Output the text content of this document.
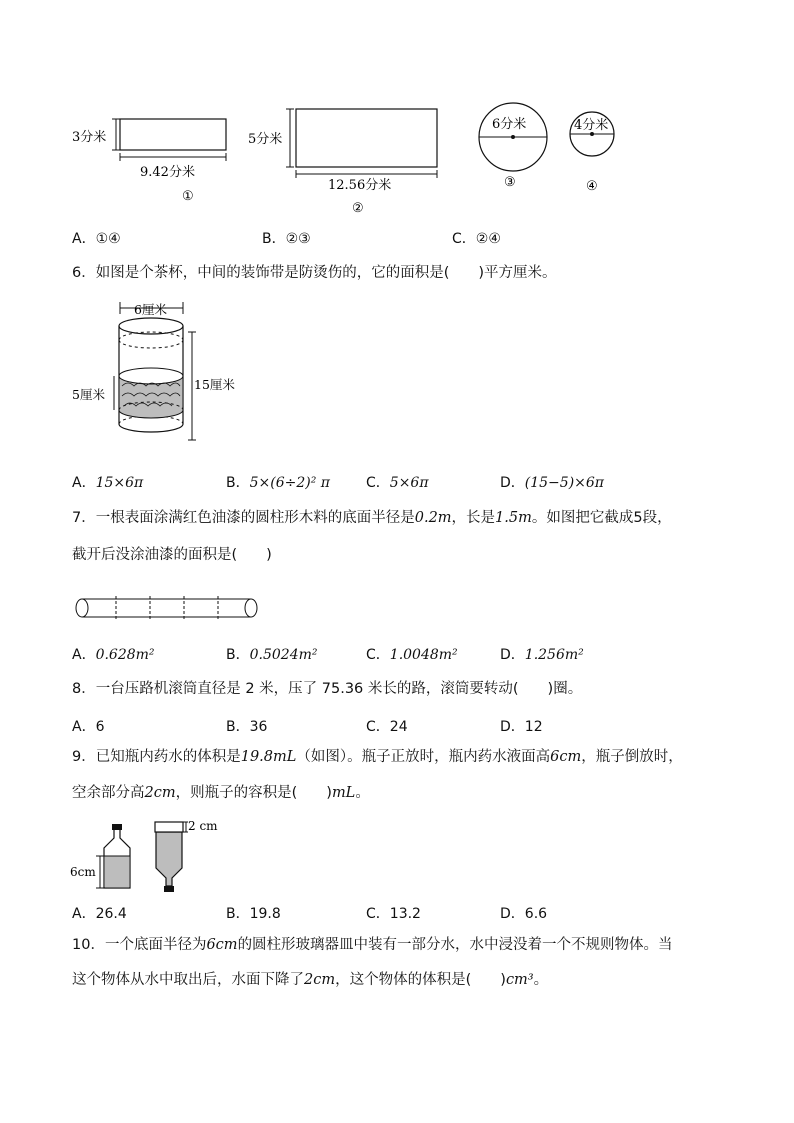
3分米
9.42分米
①
5分米
12.56分米
②
6分米
③
4分米
④
A．①④	B．②③	C．②④
6．如图是个茶杯，中间的装饰带是防烫伤的，它的面积是(　　)平方厘米。
6厘米
5厘米
15厘米
A．15×6π	B．5×(6÷2)² π	C．5×6π	D．(15−5)×6π
7．一根表面涂满红色油漆的圆柱形木料的底面半径是0.2m，长是1.5m。如图把它截成5段，
截开后没涂油漆的面积是(　　)
A．0.628m²	B．0.5024m²	C．1.0048m²	D．1.256m²
8．一台压路机滚筒直径是 2 米，压了 75.36 米长的路，滚筒要转动(　　)圈。
A．6	B．36	C．24	D．12
9．已知瓶内药水的体积是19.8mL（如图）。瓶子正放时，瓶内药水液面高6cm，瓶子倒放时，
空余部分高2cm，则瓶子的容积是(　　)mL。
6cm
2 cm
A．26.4	B．19.8	C．13.2	D．6.6
10．一个底面半径为6cm的圆柱形玻璃器皿中装有一部分水，水中浸没着一个不规则物体。当
这个物体从水中取出后，水面下降了2cm，这个物体的体积是(　　)cm³。
